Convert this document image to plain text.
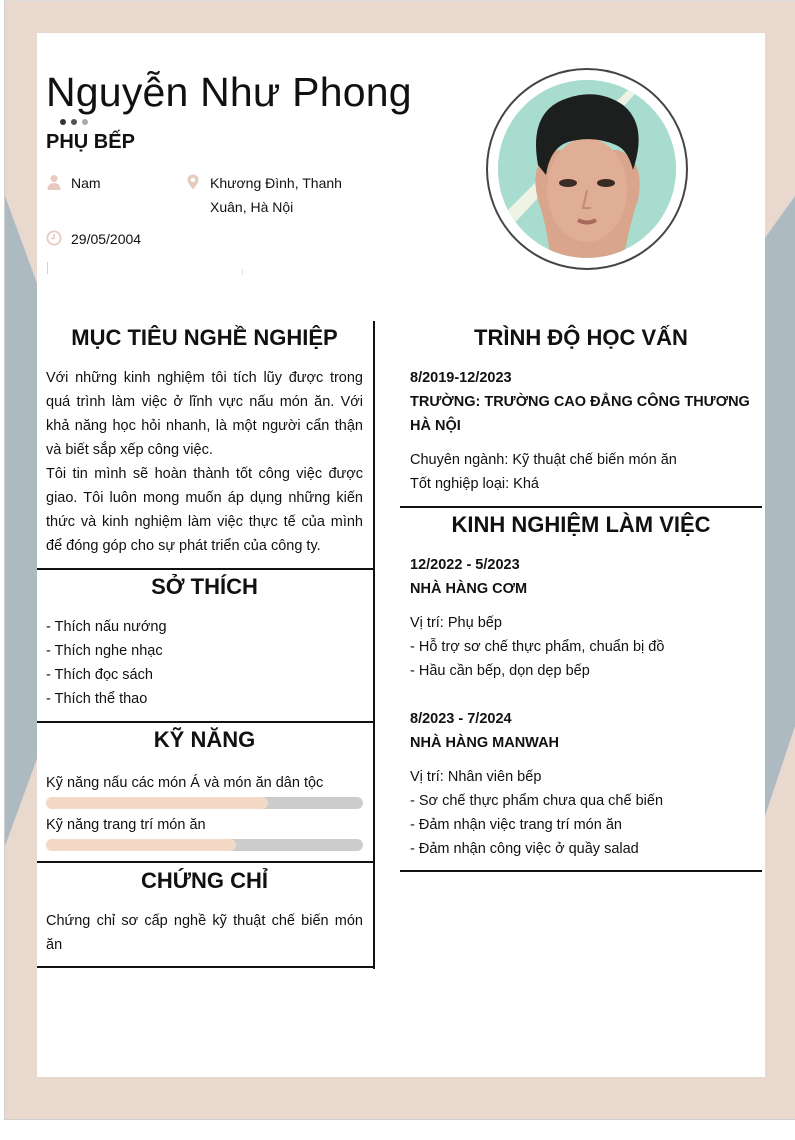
Nguyễn Như Phong
PHỤ BẾP
Nam	Khương Đình, Thanh
Xuân, Hà Nội
29/05/2004
MỤC TIÊU NGHỀ NGHIỆP
Với những kinh nghiệm tôi tích lũy được trong quá trình làm việc ở lĩnh vực nấu món ăn. Với khả năng học hỏi nhanh, là một người cẩn thận và biết sắp xếp công việc.
Tôi tin mình sẽ hoàn thành tốt công việc được giao. Tôi luôn mong muốn áp dụng những kiến thức và kinh nghiệm làm việc thực tế của mình để đóng góp cho sự phát triển của công ty.
SỞ THÍCH
- Thích nấu nướng
- Thích nghe nhạc
- Thích đọc sách
- Thích thể thao
KỸ NĂNG
Kỹ năng nấu các món Á và món ăn dân tộc
Kỹ năng trang trí món ăn
CHỨNG CHỈ
Chứng chỉ sơ cấp nghề kỹ thuật chế biến món ăn
TRÌNH ĐỘ HỌC VẤN
8/2019-12/2023
TRƯỜNG: TRƯỜNG CAO ĐẲNG CÔNG THƯƠNG HÀ NỘI
Chuyên ngành: Kỹ thuật chế biến món ăn
Tốt nghiệp loại: Khá
KINH NGHIỆM LÀM VIỆC
12/2022 - 5/2023
NHÀ HÀNG CƠM
Vị trí: Phụ bếp
- Hỗ trợ sơ chế thực phẩm, chuẩn bị đồ
- Hầu cần bếp, dọn dẹp bếp
8/2023 - 7/2024
NHÀ HÀNG MANWAH
Vị trí: Nhân viên bếp
- Sơ chế thực phẩm chưa qua chế biến
- Đảm nhận việc trang trí món ăn
- Đảm nhận công việc ở quầy salad
